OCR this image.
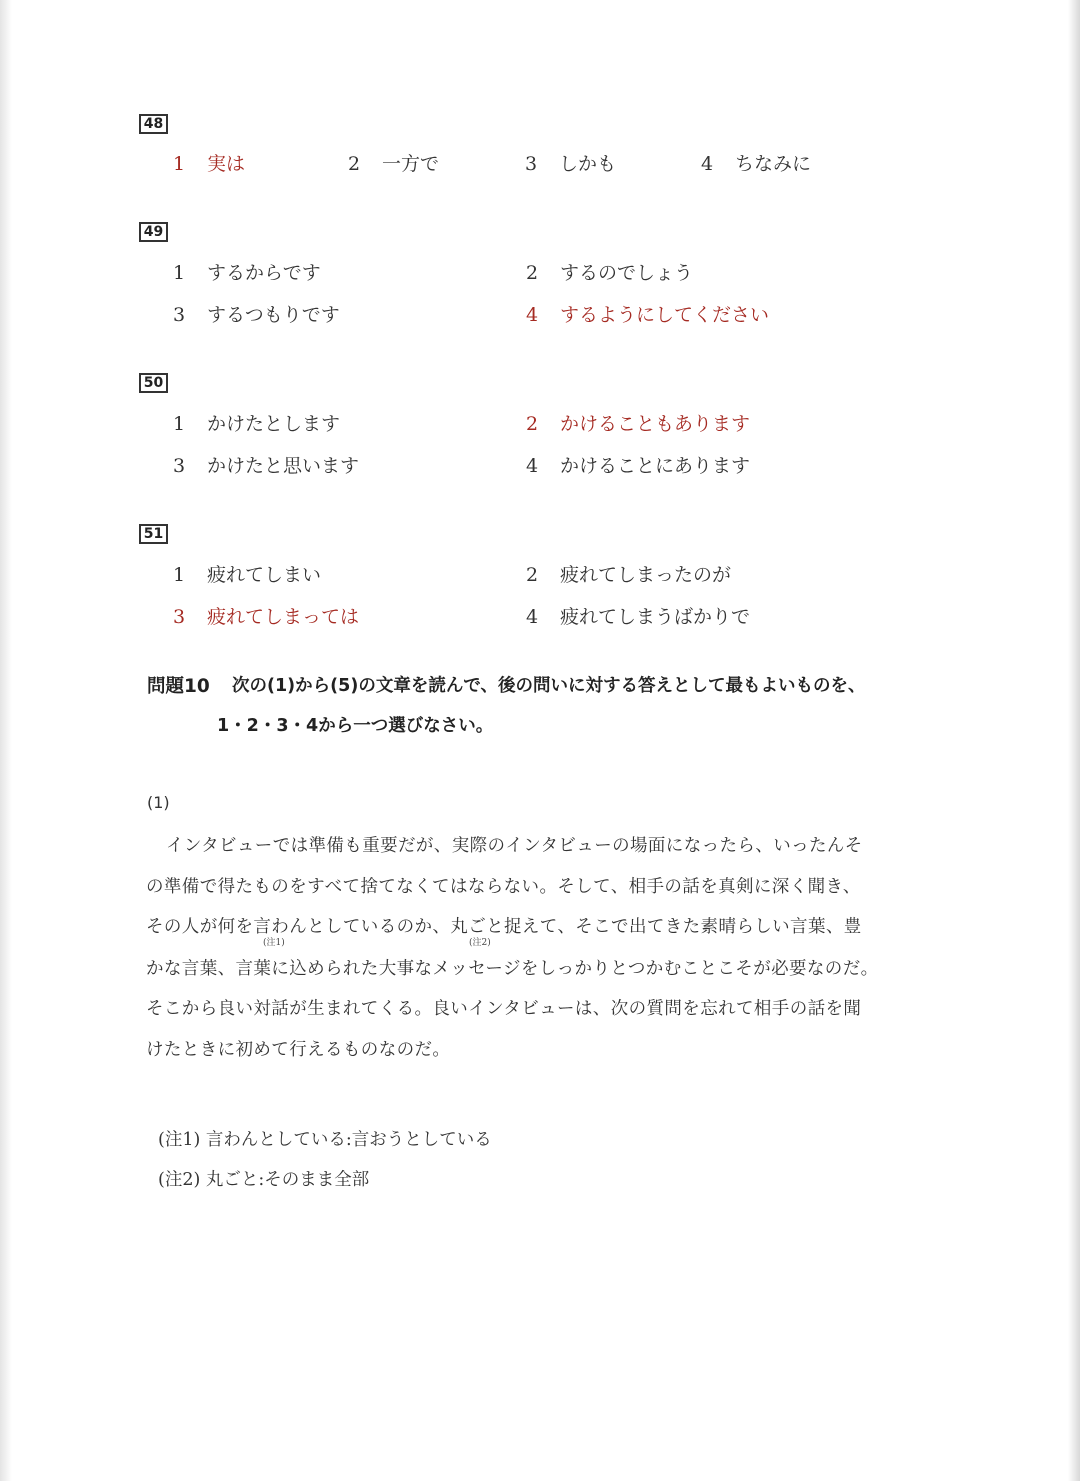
48
1 実は	2 一方で	3 しかも	4 ちなみに
49
1 するからです	2 するのでしょう
3 するつもりです	4 するようにしてください
50
1 かけたとします	2 かけることもあります
3 かけたと思います	4 かけることにあります
51
1 疲れてしまい	2 疲れてしまったのが
3 疲れてしまっては	4 疲れてしまうばかりで
問題10 次の(1)から(5)の文章を読んで、後の問いに対する答えとして最もよいものを、
1・2・3・4から一つ選びなさい。
(1)
インタビューでは準備も重要だが、実際のインタビューの場面になったら、いったんそ
の準備で得たものをすべて捨てなくてはならない。そして、相手の話を真剣に深く聞き、
その人が何を言わんとしているのか、丸ごと捉えて、そこで出てきた素晴らしい言葉、豊
(注1)	(注2)
かな言葉、言葉に込められた大事なメッセージをしっかりとつかむことこそが必要なのだ。
そこから良い対話が生まれてくる。良いインタビューは、次の質問を忘れて相手の話を聞
けたときに初めて行えるものなのだ。
(注1) 言わんとしている:言おうとしている
(注2) 丸ごと:そのまま全部
